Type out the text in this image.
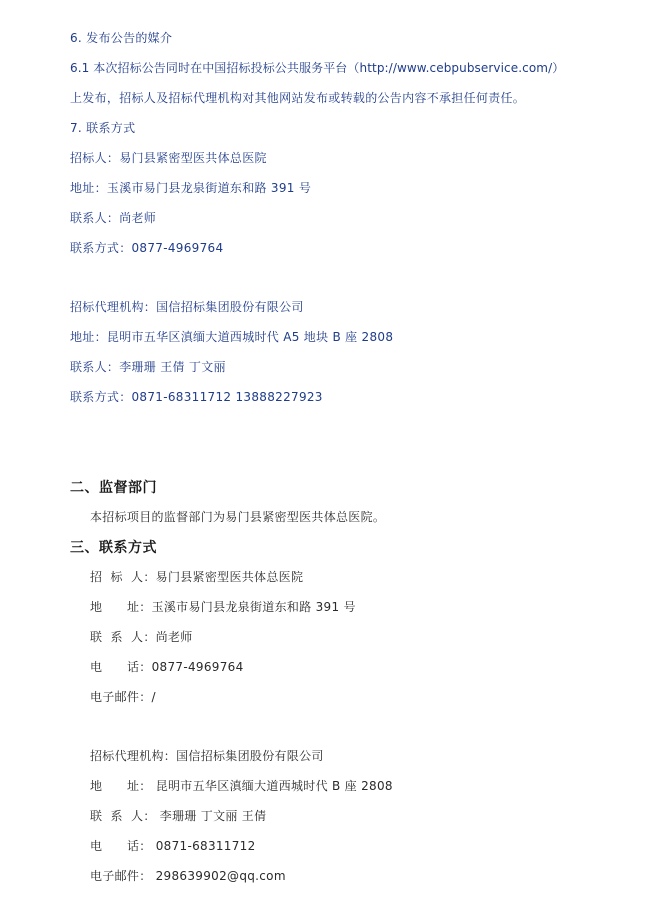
6. 发布公告的媒介
6.1 本次招标公告同时在中国招标投标公共服务平台（http://www.cebpubservice.com/）
上发布，招标人及招标代理机构对其他网站发布或转载的公告内容不承担任何责任。
7. 联系方式
招标人：易门县紧密型医共体总医院
地址：玉溪市易门县龙泉街道东和路 391 号
联系人：尚老师
联系方式：0877-4969764
招标代理机构：国信招标集团股份有限公司
地址：昆明市五华区滇缅大道西城时代 A5 地块 B 座 2808
联系人：李珊珊 王倩 丁文丽
联系方式：0871-68311712 13888227923
二、监督部门
本招标项目的监督部门为易门县紧密型医共体总医院。
三、联系方式
招  标  人：易门县紧密型医共体总医院
地      址：玉溪市易门县龙泉街道东和路 391 号
联  系  人：尚老师
电      话：0877-4969764
电子邮件：/
招标代理机构：国信招标集团股份有限公司
地      址： 昆明市五华区滇缅大道西城时代 B 座 2808
联  系  人： 李珊珊 丁文丽 王倩
电      话： 0871-68311712
电子邮件： 298639902@qq.com
